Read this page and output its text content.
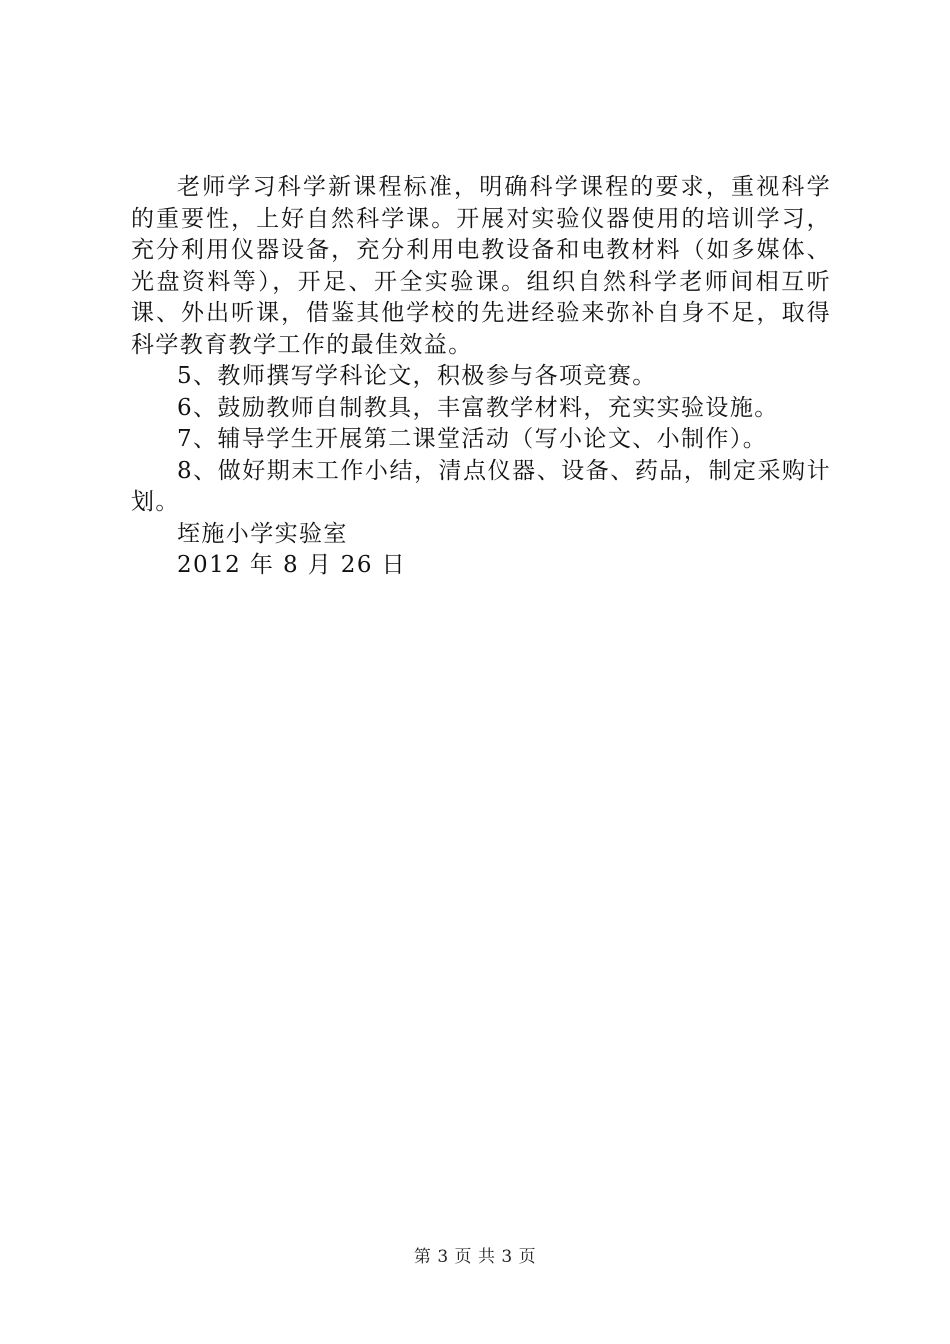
老师学习科学新课程标准，明确科学课程的要求，重视科学的重要性，上好自然科学课。开展对实验仪器使用的培训学习，充分利用仪器设备，充分利用电教设备和电教材料（如多媒体、光盘资料等），开足、开全实验课。组织自然科学老师间相互听课、外出听课，借鉴其他学校的先进经验来弥补自身不足，取得科学教育教学工作的最佳效益。

5、教师撰写学科论文，积极参与各项竞赛。

6、鼓励教师自制教具，丰富教学材料，充实实验设施。

7、辅导学生开展第二课堂活动（写小论文、小制作）。

8、做好期末工作小结，清点仪器、设备、药品，制定采购计划。

垤施小学实验室

2012 年 8 月 26 日

第 3 页 共 3 页
